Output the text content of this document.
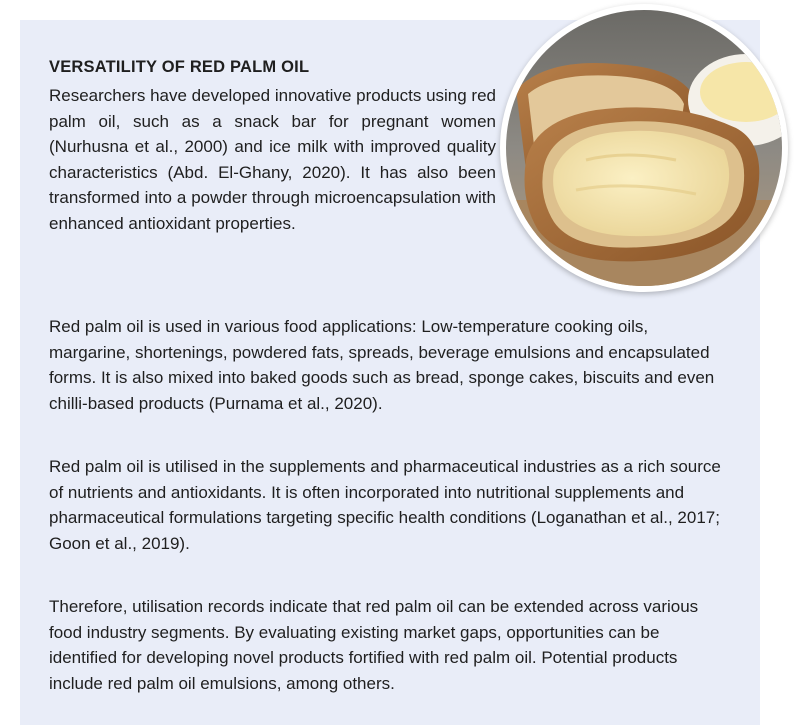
VERSATILITY OF RED PALM OIL

Researchers have developed innovative products using red palm oil, such as a snack bar for pregnant women (Nurhusna et al., 2000) and ice milk with improved quality characteristics (Abd. El-Ghany, 2020). It has also been transformed into a powder through microencapsulation with enhanced antioxidant properties.

Red palm oil is used in various food applications: Low-temperature cooking oils, margarine, shortenings, powdered fats, spreads, beverage emulsions and encapsulated forms. It is also mixed into baked goods such as bread, sponge cakes, biscuits and even chilli-based products (Purnama et al., 2020).

Red palm oil is utilised in the supplements and pharmaceutical industries as a rich source of nutrients and antioxidants. It is often incorporated into nutritional supplements and pharmaceutical formulations targeting specific health conditions (Loganathan et al., 2017; Goon et al., 2019).

Therefore, utilisation records indicate that red palm oil can be extended across various food industry segments. By evaluating existing market gaps, opportunities can be identified for developing novel products fortified with red palm oil. Potential products include red palm oil emulsions, among others.
